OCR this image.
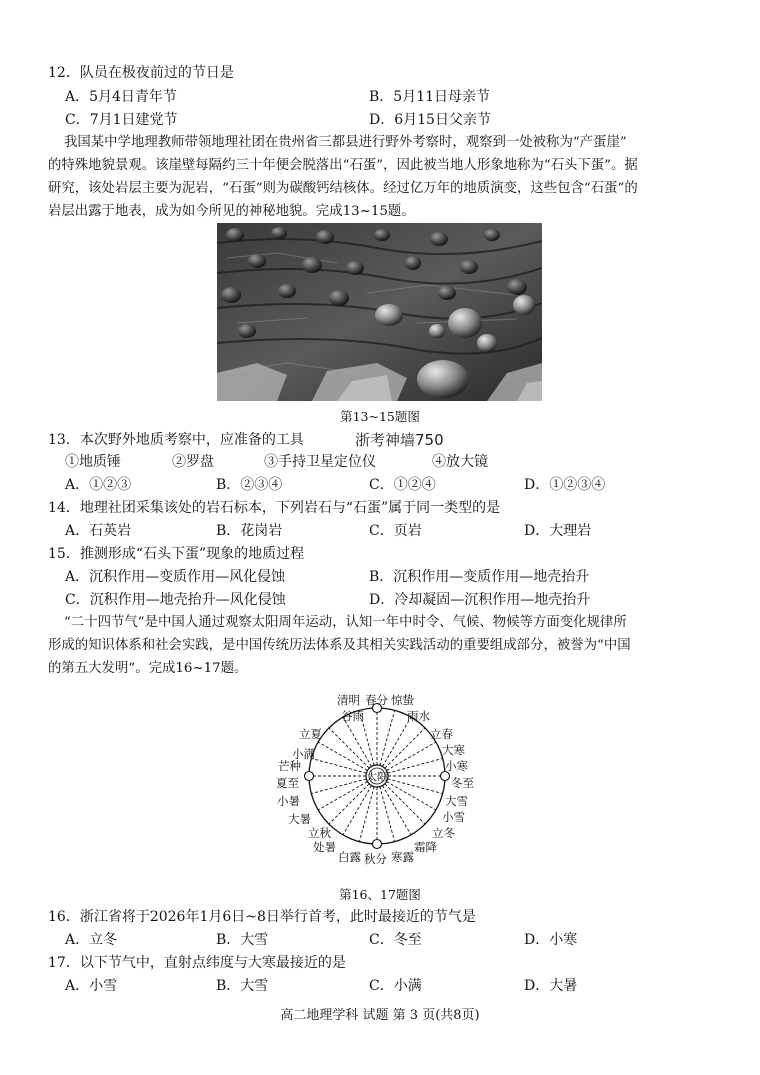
12．队员在极夜前过的节日是
A．5月4日青年节	B．5月11日母亲节
C．7月1日建党节	D．6月15日父亲节
我国某中学地理教师带领地理社团在贵州省三都县进行野外考察时，观察到一处被称为“产蛋崖”
的特殊地貌景观。该崖壁每隔约三十年便会脱落出“石蛋”，因此被当地人形象地称为“石头下蛋”。据
研究，该处岩层主要为泥岩，“石蛋”则为碳酸钙结核体。经过亿万年的地质演变，这些包含“石蛋”的
岩层出露于地表，成为如今所见的神秘地貌。完成13~15题。
第13~15题图
13．本次野外地质考察中，应准备的工具	浙考神墙750
①地质锤	②罗盘	③手持卫星定位仪	④放大镜
A．①②③	B．②③④	C．①②④	D．①②③④
14．地理社团采集该处的岩石标本，下列岩石与“石蛋”属于同一类型的是
A．石英岩	B．花岗岩	C．页岩	D．大理岩
15．推测形成“石头下蛋”现象的地质过程
A．沉积作用—变质作用—风化侵蚀	B．沉积作用—变质作用—地壳抬升
C．沉积作用—地壳抬升—风化侵蚀	D．冷却凝固—沉积作用—地壳抬升
“二十四节气”是中国人通过观察太阳周年运动，认知一年中时令、气候、物候等方面变化规律所
形成的知识体系和社会实践，是中国传统历法体系及其相关实践活动的重要组成部分，被誉为“中国
的第五大发明”。完成16~17题。
太阳
清明 春分 惊蛰
谷雨	雨水
立夏	立春
小满	大寒
芒种	小寒
夏至	冬至
小暑	大雪
大暑	小雪
立秋	立冬
处暑	霜降
白露 秋分 寒露
第16、17题图
16．浙江省将于2026年1月6日~8日举行首考，此时最接近的节气是
A．立冬	B．大雪	C．冬至	D．小寒
17．以下节气中，直射点纬度与大寒最接近的是
A．小雪	B．大雪	C．小满	D．大暑
高二地理学科 试题 第 3 页(共8页)
